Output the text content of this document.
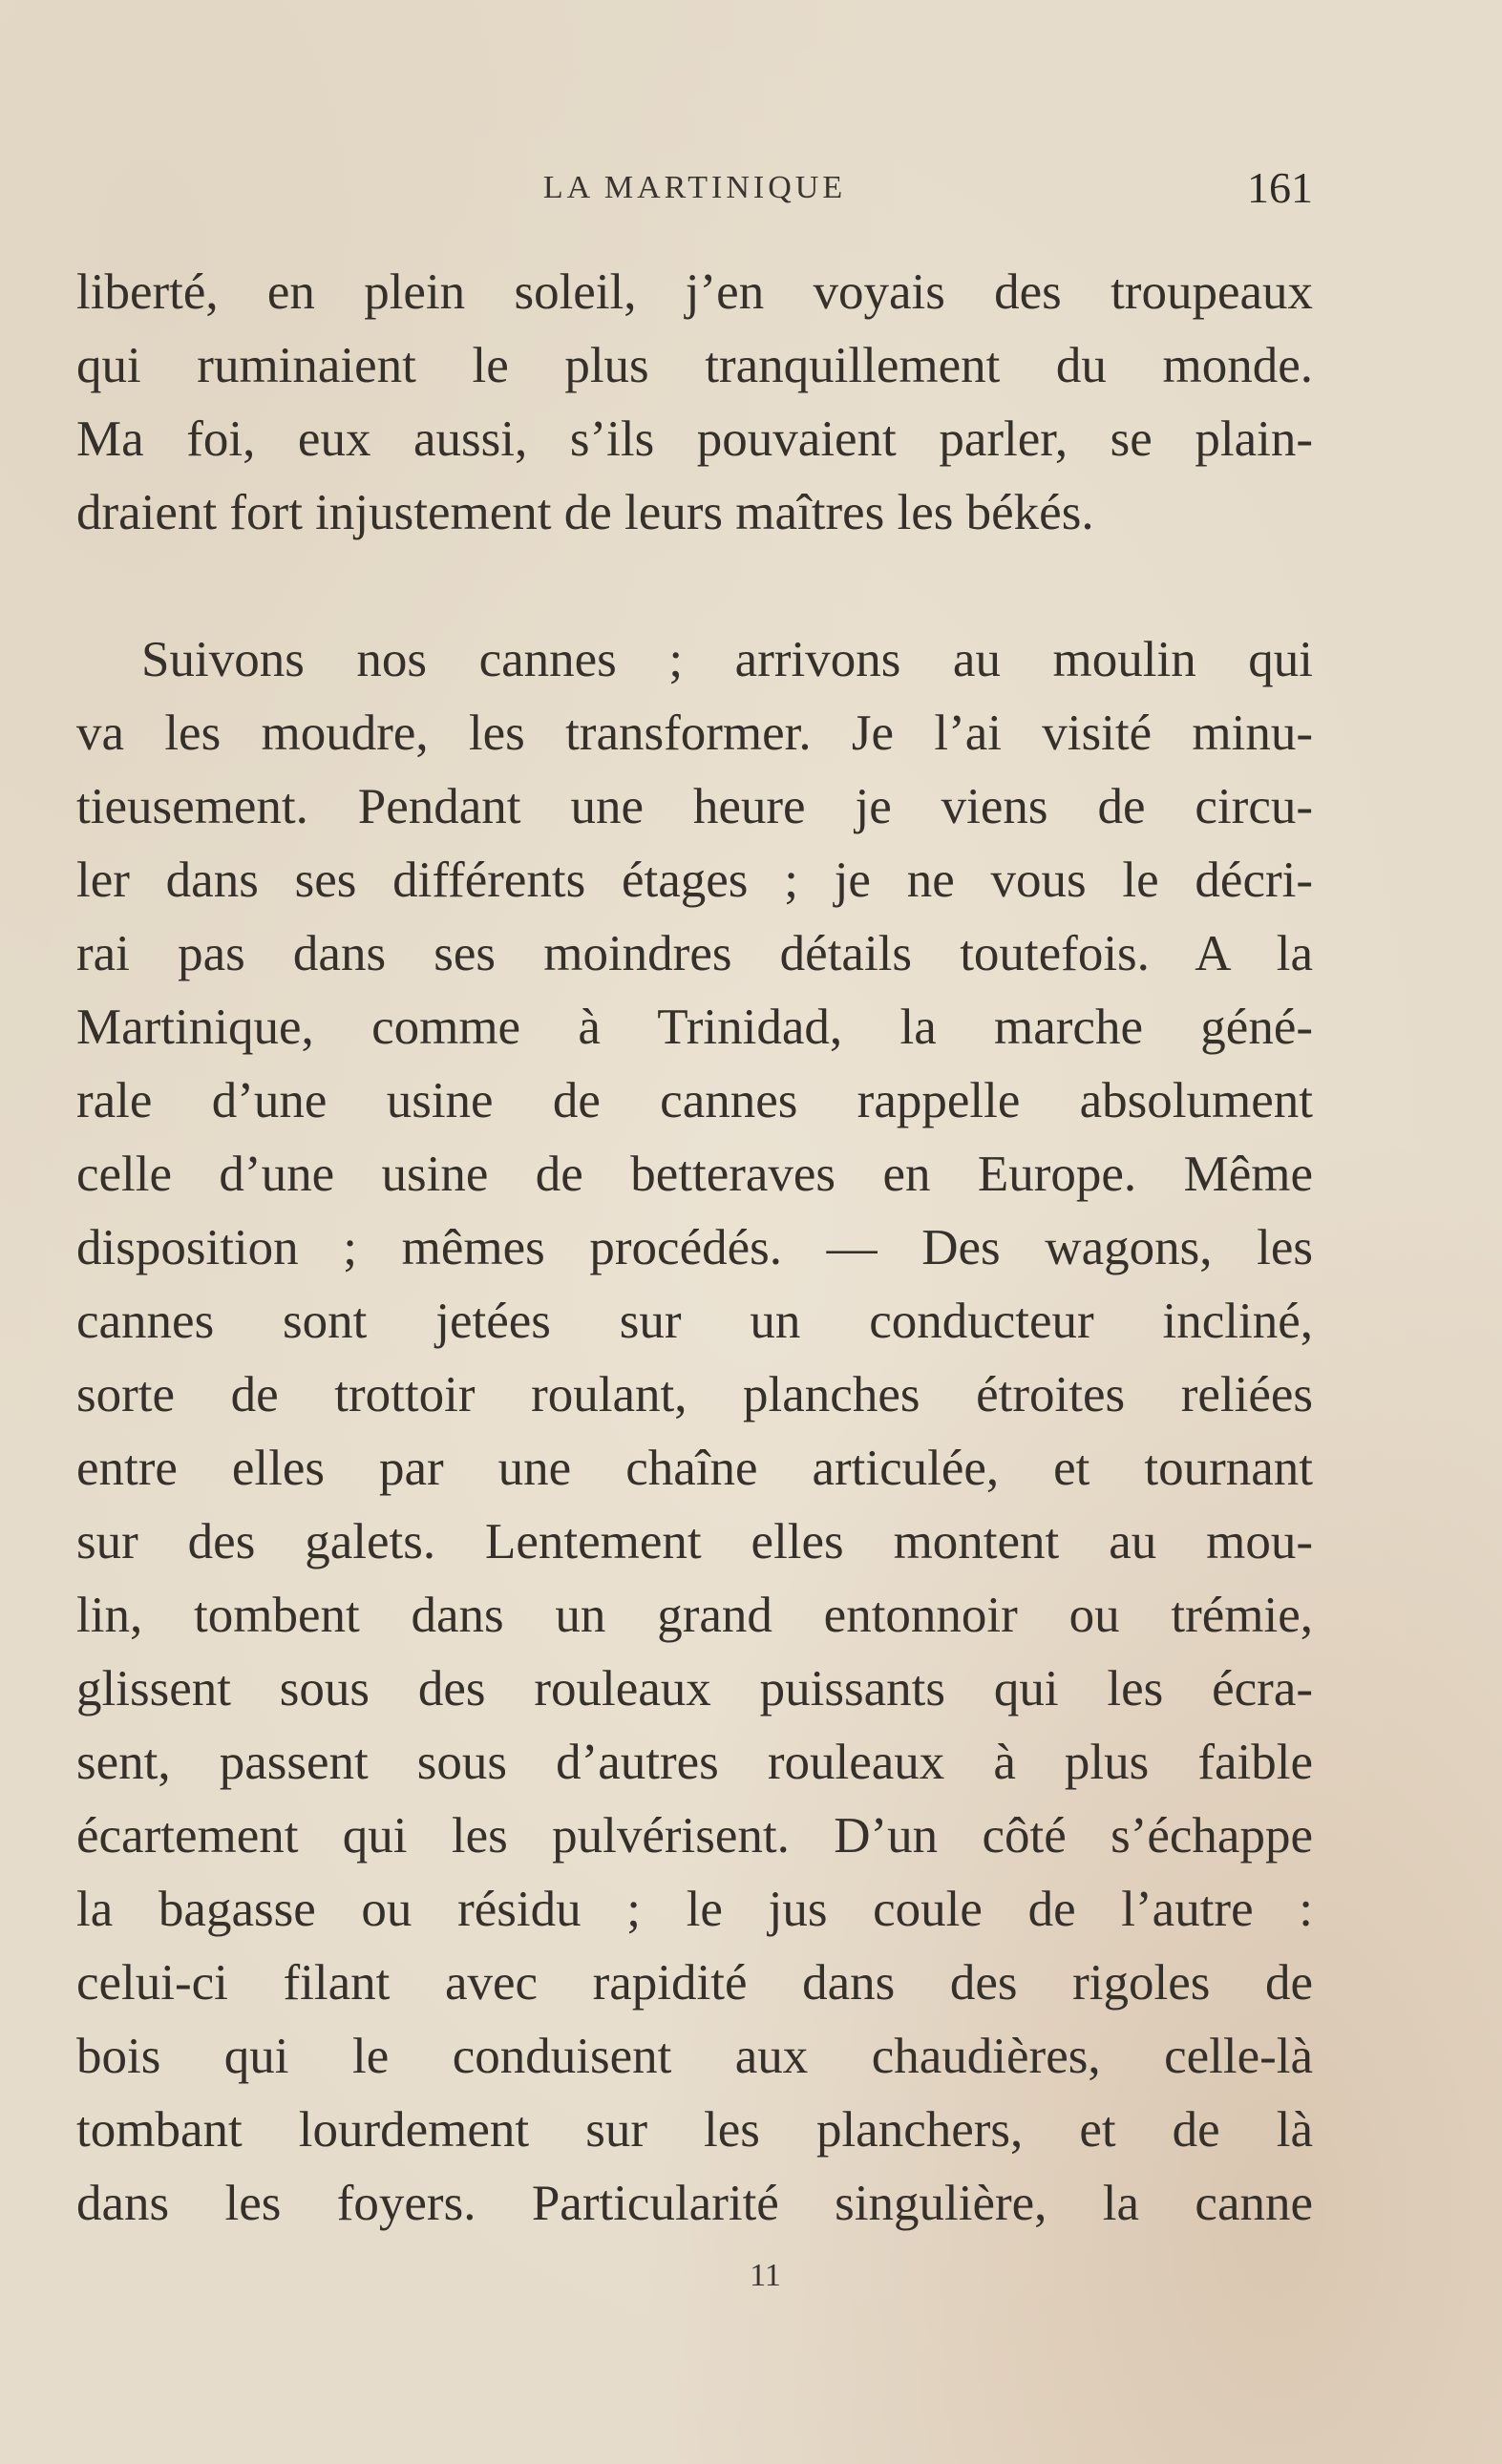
LA MARTINIQUE	161
liberté, en plein soleil, j’en voyais des troupeaux
qui ruminaient le plus tranquillement du monde.
Ma foi, eux aussi, s’ils pouvaient parler, se plain-
draient fort injustement de leurs maîtres les békés.
Suivons nos cannes ; arrivons au moulin qui
va les moudre, les transformer. Je l’ai visité minu-
tieusement. Pendant une heure je viens de circu-
ler dans ses différents étages ; je ne vous le décri-
rai pas dans ses moindres détails toutefois. A la
Martinique, comme à Trinidad, la marche géné-
rale d’une usine de cannes rappelle absolument
celle d’une usine de betteraves en Europe. Même
disposition ; mêmes procédés. — Des wagons, les
cannes sont jetées sur un conducteur incliné,
sorte de trottoir roulant, planches étroites reliées
entre elles par une chaîne articulée, et tournant
sur des galets. Lentement elles montent au mou-
lin, tombent dans un grand entonnoir ou trémie,
glissent sous des rouleaux puissants qui les écra-
sent, passent sous d’autres rouleaux à plus faible
écartement qui les pulvérisent. D’un côté s’échappe
la bagasse ou résidu ; le jus coule de l’autre :
celui-ci filant avec rapidité dans des rigoles de
bois qui le conduisent aux chaudières, celle-là
tombant lourdement sur les planchers, et de là
dans les foyers. Particularité singulière, la canne
11
